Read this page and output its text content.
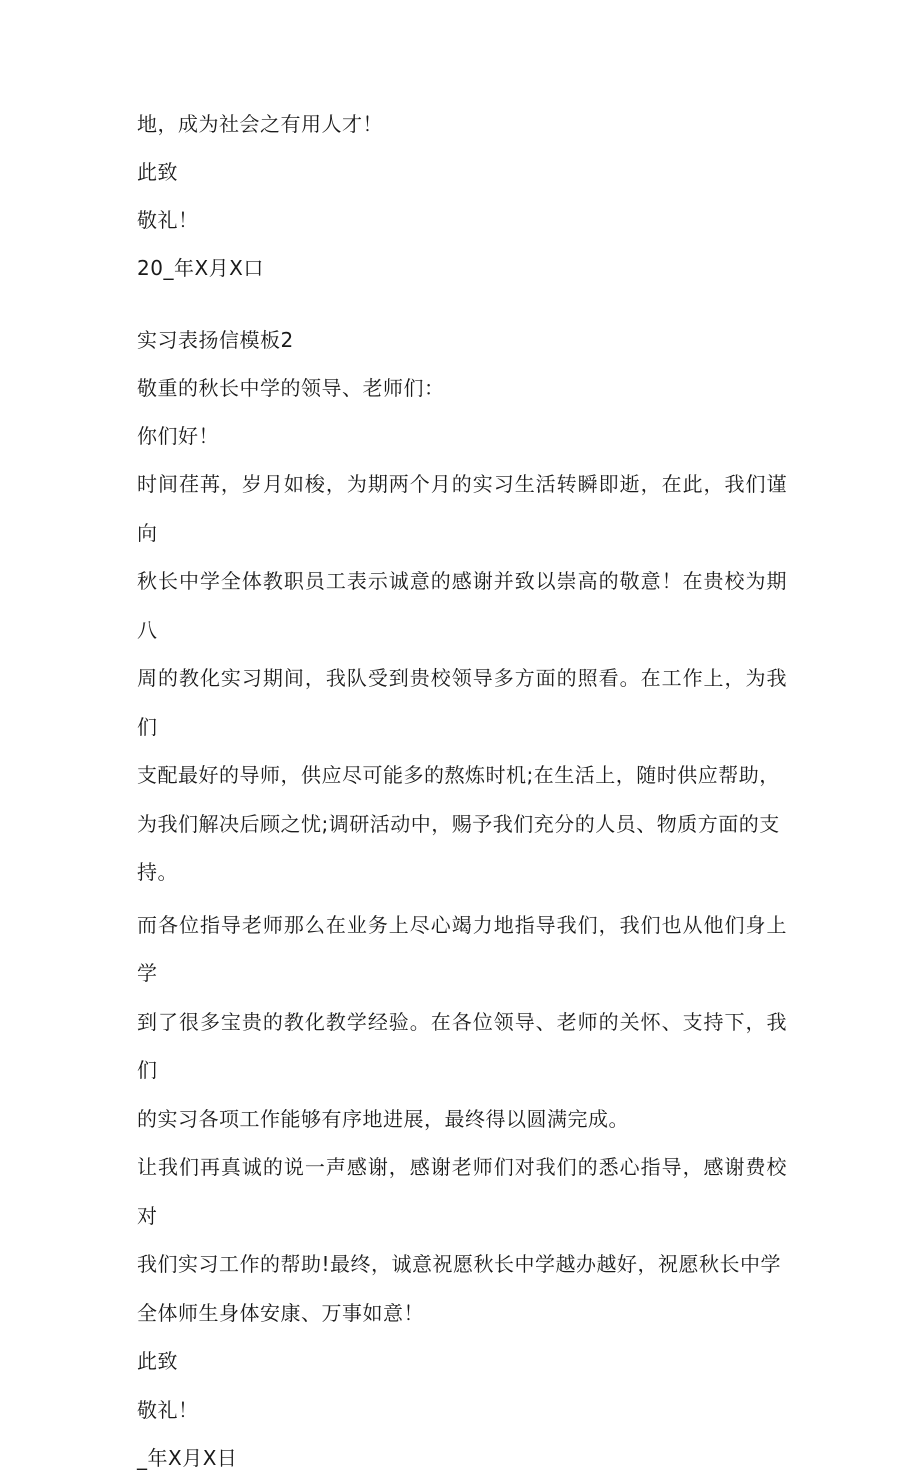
地，成为社会之有用人才！

此致

敬礼！

20_年X月X口

实习表扬信模板2

敬重的秋长中学的领导、老师们：

你们好！

时间荏苒，岁月如梭，为期两个月的实习生活转瞬即逝，在此，我们谨向
秋长中学全体教职员工表示诚意的感谢并致以崇高的敬意！在贵校为期八
周的教化实习期间，我队受到贵校领导多方面的照看。在工作上，为我们
支配最好的导师，供应尽可能多的熬炼时机;在生活上，随时供应帮助，
为我们解决后顾之忧;调研活动中，赐予我们充分的人员、物质方面的支
持。
而各位指导老师那么在业务上尽心竭力地指导我们，我们也从他们身上学
到了很多宝贵的教化教学经验。在各位领导、老师的关怀、支持下，我们
的实习各项工作能够有序地进展，最终得以圆满完成。
让我们再真诚的说一声感谢，感谢老师们对我们的悉心指导，感谢费校对
我们实习工作的帮助!最终，诚意祝愿秋长中学越办越好，祝愿秋长中学
全体师生身体安康、万事如意！
此致
敬礼！
_年X月X日
